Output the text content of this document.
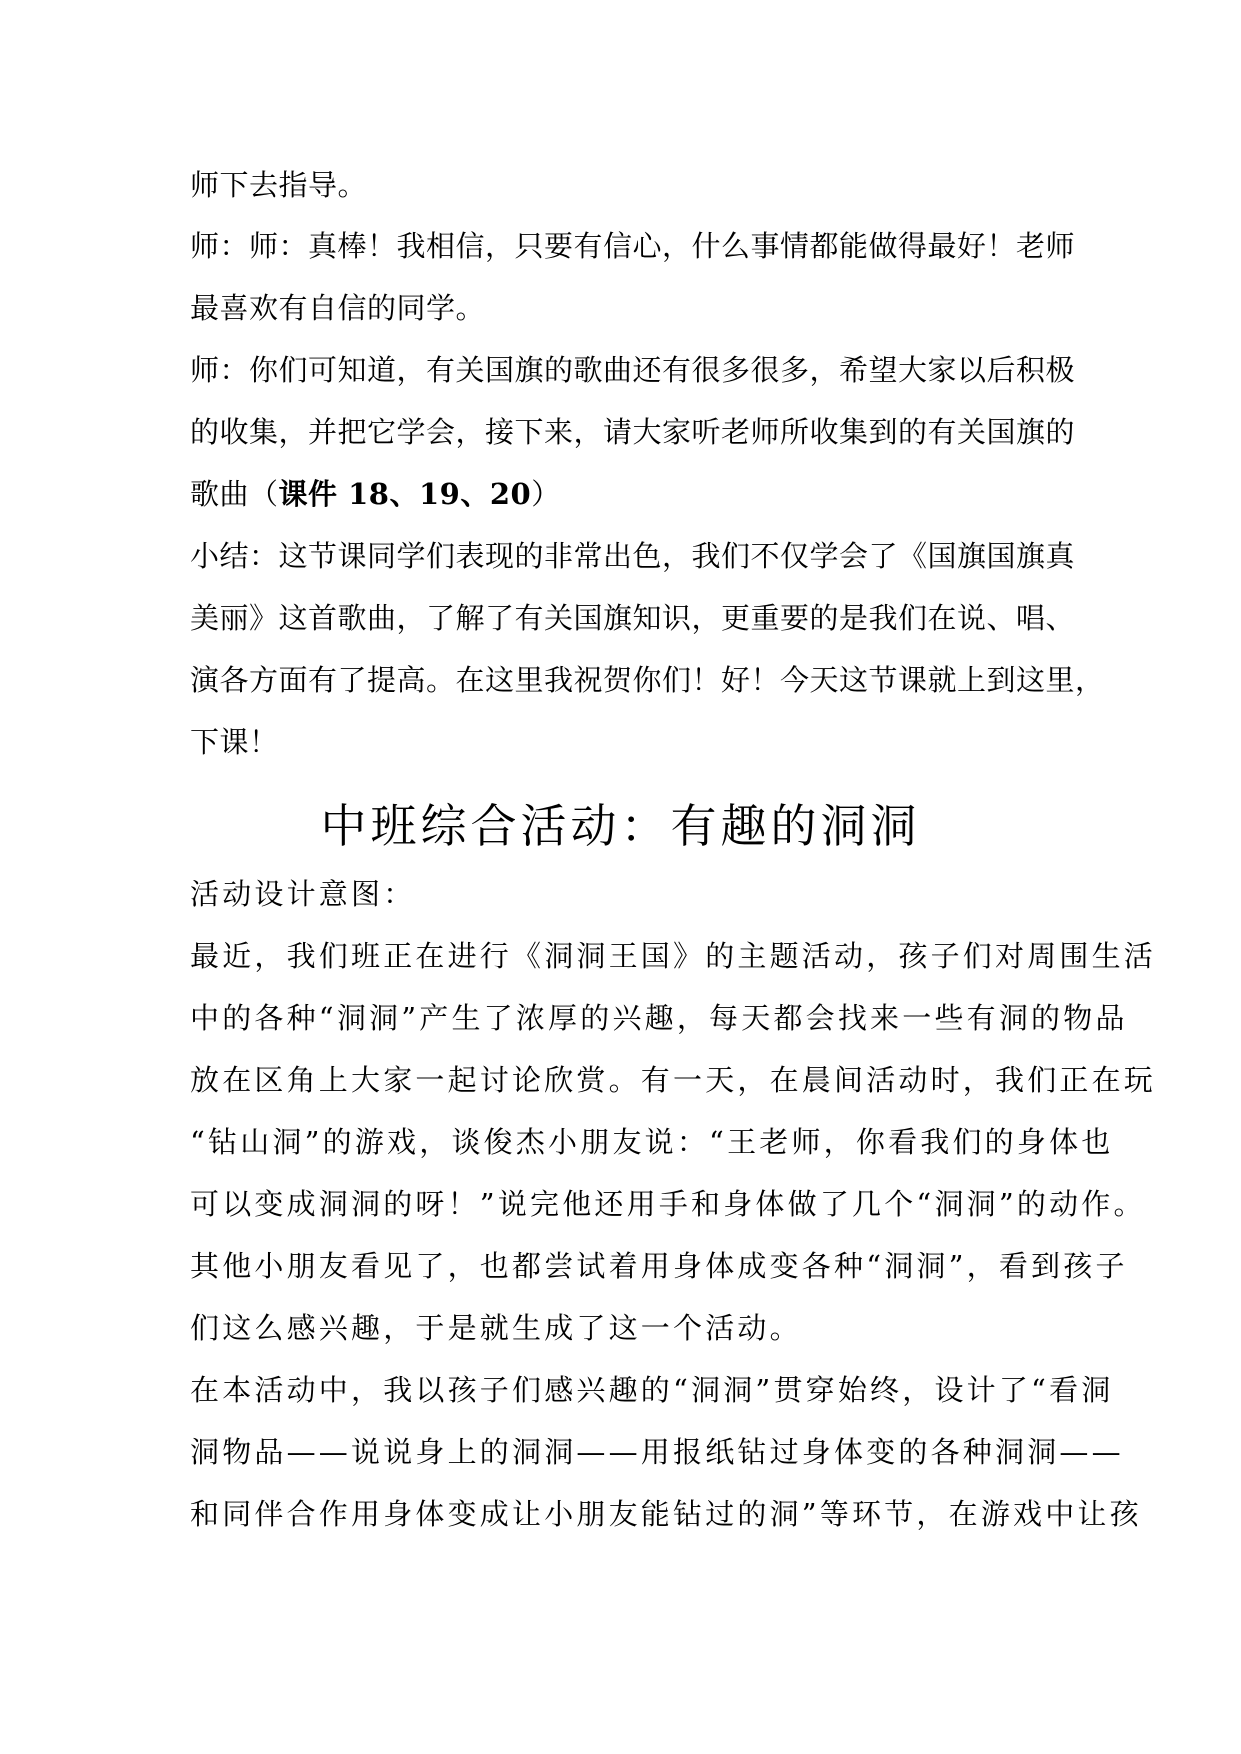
师下去指导。
师：师：真棒！我相信，只要有信心，什么事情都能做得最好！老师
最喜欢有自信的同学。
师：你们可知道，有关国旗的歌曲还有很多很多，希望大家以后积极
的收集，并把它学会，接下来，请大家听老师所收集到的有关国旗的
歌曲（课件 18、19、20）
小结：这节课同学们表现的非常出色，我们不仅学会了《国旗国旗真
美丽》这首歌曲，了解了有关国旗知识，更重要的是我们在说、唱、
演各方面有了提高。在这里我祝贺你们！好！今天这节课就上到这里，
下课！
中班综合活动：有趣的洞洞
活动设计意图：
最近，我们班正在进行《洞洞王国》的主题活动，孩子们对周围生活
中的各种“洞洞”产生了浓厚的兴趣，每天都会找来一些有洞的物品
放在区角上大家一起讨论欣赏。有一天，在晨间活动时，我们正在玩
“钻山洞”的游戏，谈俊杰小朋友说：“王老师，你看我们的身体也
可以变成洞洞的呀！”说完他还用手和身体做了几个“洞洞”的动作。
其他小朋友看见了，也都尝试着用身体成变各种“洞洞”，看到孩子
们这么感兴趣，于是就生成了这一个活动。
在本活动中，我以孩子们感兴趣的“洞洞”贯穿始终，设计了“看洞
洞物品——说说身上的洞洞——用报纸钻过身体变的各种洞洞——
和同伴合作用身体变成让小朋友能钻过的洞”等环节，在游戏中让孩
